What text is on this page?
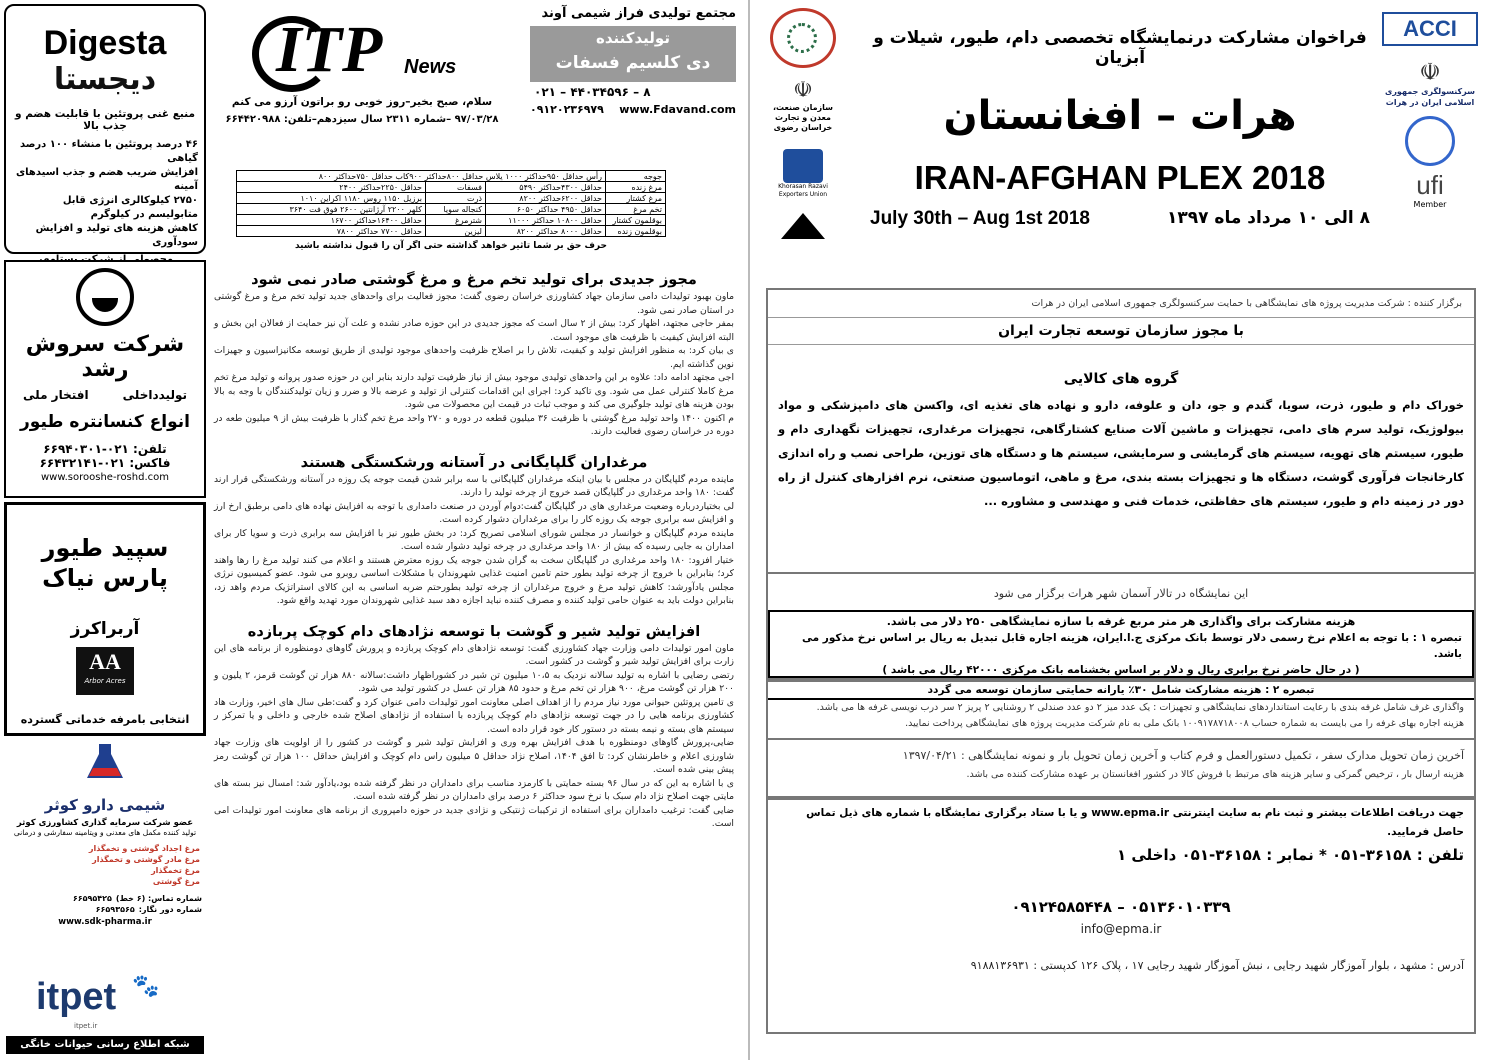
Digesta
دیجستا
منبع غنی پروتئین با قابلیت هضم و جذب بالا

۴۶ درصد پروتئین با منشاء ۱۰۰ درصد گیاهی

افزایش ضریب هضم و جذب اسیدهای آمینه

۲۷۵۰ کیلوکالری انرژی قابل متابولیسم در کیلوگرم

کاهش هزینه های تولید و افزایش سودآوری

شرکت سروش رشد
تولیدداخلی
افتخار ملی
انواع کنسانتره طیور
تلفن: ۰۲۱-۶۶۹۴۰۳۰۱
فاکس: ۰۲۱-۶۶۴۳۲۱۴۱
www.sorooshe-roshd.com
سپید طیور پارس نیاک
آربراکرز
AA
Arbor Acres
انتخابی بامرفه خدماتی گسترده
شیمی دارو کوثر
عضو شرکت سرمایه گذاری کشاورزی کوثر
تولید کننده مکمل های معدنی و ویتامینه سفارشی و درمانی

مرغ اجداد گوشتی و تخمگذار

مرغ مادر گوشتی و تخمگذار

مرغ تخمگذار

مرغ گوشتی

شماره تماس: (۶ خط)
۶۶۵۹۵۴۲۵
شماره دور نگار:
۶۶۵۹۳۵۶۵
www.sdk-pharma.ir
itpet
itpet.ir
🐾
شبکه اطلاع رسانی حیوانات خانگی
مجتمع تولیدی فراز شیمی آوند
تولیدکننده
دی کلسیم فسفات
۰۲۱ – ۴۴۰۳۴۵۹۶ – ۸
۰۹۱۲۰۲۳۶۹۷۹ www.Fdavand.com
ITP News
سلام، صبح بخیر–روز خوبی رو براتون آرزو می کنم
۹۷/۰۳/۲۸ –شماره ۲۳۱۱ سال سیزدهم–تلفن: ۶۶۴۴۲۰۹۸۸
جوجه	رأس حداقل ۹۵۰حداکثر ۱۰۰۰ یلاس حداقل ۸۰۰حداکثر ۹۰۰کاب حداقل ۷۵۰حداکثر ۸۰۰		
مرغ زنده	حداقل ۴۳۰۰حداکثر ۵۴۹۰	فسفات	حداقل ۲۲۵۰حداکثر ۲۴۰۰
مرغ کشتار	حداقل ۶۲۰۰حداکثر ۸۲۰۰	ذرت	برزیل ۱۱۵۰ روس ۱۱۸۰ اکراین ۱۰۱۰
تخم مرغ	حداقل ۴۹۵۰ حداکثر ۶۰۵۰	کنجاله سویا	کلهر ۲۲۰۰ آرژانتین ۲۶۰۰ فوق فت ۳۶۴۰
بوقلمون کشتار	حداقل ۱۰۸۰۰ حداکثر ۱۱۰۰۰	شترمرغ	حداقل ۱۶۴۰۰حداکثر ۱۶۷۰۰
بوقلمون زنده	حداقل ۸۰۰۰ حداکثر ۸۲۰۰	لیزین	حداقل ۷۷۰۰ حداکثر ۷۸۰۰
حرف حق بر شما تاثیر خواهد گذاشته حتی اگر آن را قبول نداشته باشید
مجوز جدیدی برای تولید تخم مرغ و مرغ گوشتی صادر نمی شود

ماون بهبود تولیدات دامی سازمان جهاد کشاورزی خراسان رضوی گفت: مجوز فعالیت برای واحدهای جدید تولید تخم مرغ و مرغ گوشتی در استان صادر نمی شود.

بمفر حاجی مجتهد، اظهار کرد: بیش از ۲ سال است که مجوز جدیدی در این حوزه صادر نشده و علت آن نیز حمایت از فعالان این بخش و البته افزایش کیفیت با ظرفیت های موجود است.

ی بیان کرد: به منظور افزایش تولید و کیفیت، تلاش را بر اصلاح ظرفیت واحدهای موجود تولیدی از طریق توسعه مکانیزاسیون و جهیزات نوین گذاشته ایم.

اجی مجتهد ادامه داد: علاوه بر این واحدهای تولیدی موجود بیش از نیاز ظرفیت تولید دارند بنابر این در حوزه صدور پروانه و تولید مرغ تخم مرغ کاملا کنترلی عمل می شود. وی تاکید کرد: اجرای این اقدامات کنترلی از تولید و عرضه بالا و ضرر و زیان تولیدکنندگان با وجه به بالا بودن هزینه های تولید جلوگیری می کند و موجب ثبات در قیمت این محصولات می شود.

م اکنون ۱۴۰۰ واحد تولید مرغ گوشتی با ظرفیت ۳۶ میلیون قطعه در دوره و ۲۷۰ واحد مرغ تخم گذار با ظرفیت بیش از ۹ میلیون طعه در دوره در خراسان رضوی فعالیت دارند.

مرغداران گلپایگانی در آستانه ورشکستگی هستند

ماینده مردم گلپایگان در مجلس با بیان اینکه مرغداران گلپایگانی با سه برابر شدن قیمت جوجه یک روزه در آستانه ورشکستگی قرار ارند گفت: ۱۸۰ واحد مرغداری در گلپایگان قصد خروج از چرخه تولید را دارند.

لی بختیاردرباره وضعیت مرغداری های در گلپایگان گفت:دوام آوردن در صنعت دامداری با توجه به افزایش نهاده های دامی برطبق ارخ ارز و افزایش سه برابری جوجه یک روزه کار را برای مرغداران دشوار کرده است.

ماینده مردم گلپایگان و خوانسار در مجلس شورای اسلامی تصریح کرد: در بخش طیور نیز با افزایش سه برابری ذرت و سویا کار برای امداران به جایی رسیده که بیش از ۱۸۰ واحد مرغداری در چرخه تولید دشوار شده است.

ختیار افزود: ۱۸۰ واحد مرغداری در گلپایگان سخت به گران شدن جوجه یک روزه معترض هستند و اعلام می کنند تولید مرغ را رها واهند کرد؛ بنابراین با خروج از چرخه تولید بطور حتم تامین امنیت غذایی شهروندان با مشکلات اساسی روبرو می شود. عضو کمیسیون نرژی مجلس یادآورشد: کاهش تولید مرغ و خروج مرغداران از چرخه تولید بطورحتم ضربه اساسی به این کالای استراتژیک مردم واهد زد، بنابراین دولت باید به عنوان حامی تولید کننده و مصرف کننده نباید اجازه دهد سبد غذایی شهروندان مورد تهدید واقع شود.

افزایش تولید شیر و گوشت با توسعه نژادهای دام کوچک پربازده

ماون امور تولیدات دامی وزارت جهاد کشاورزی گفت: توسعه نژادهای دام کوچک پربازده و پرورش گاوهای دومنظوره از برنامه های این زارت برای افزایش تولید شیر و گوشت در کشور است.

رتضی رضایی با اشاره به تولید سالانه نزدیک به ۱۰،۵ میلیون تن شیر در کشوراظهار داشت:سالانه ۸۸۰ هزار تن گوشت قرمز، ۲ یلیون و ۲۰۰ هزار تن گوشت مرغ، ۹۰۰ هزار تن تخم مرغ و حدود ۸۵ هزار تن عسل در کشور تولید می شود.

ی تامین پروتئین حیوانی مورد نیاز مردم را از اهداف اصلی معاونت امور تولیدات دامی عنوان کرد و گفت:طی سال های اخیر، وزارت هاد کشاورزی برنامه هایی را در جهت توسعه نژادهای دام کوچک پربازده با استفاده از نژادهای اصلاح شده خارجی و داخلی و یا تمرکز ر سیستم های بسته و نیمه بسته در دستور کار خود قرار داده است.

ضایی،پرورش گاوهای دومنظوره با هدف افزایش بهره وری و افزایش تولید شیر و گوشت در کشور را از اولویت های وزارت جهاد شاورزی اعلام و خاطرنشان کرد: تا افق ۱۴۰۴، اصلاح نژاد حداقل ۵ میلیون راس دام کوچک و افزایش حداقل ۱۰۰ هزار تن گوشت رمز پیش بینی شده است.

ی با اشاره به این که در سال ۹۶ بسته حمایتی با کارمزد مناسب برای دامداران در نظر گرفته شده بود،یادآور شد: امسال نیز بسته های مایتی جهت اصلاح نژاد دام سبک با نرخ سود حداکثر ۶ درصد برای دامداران در نظر گرفته شده است.

ضایی گفت: ترغیب دامداران برای استفاده از ترکیبات ژنتیکی و نژادی جدید در حوزه دامپروری از برنامه های معاونت امور تولیدات امی است.

☫
سازمان صنعت، معدن و تجارت خراسان رضوی
Khorasan Razavi Exporters Union
ACCI
☫
سرکنسولگری جمهوری اسلامی ایران در هرات
ufi
Member
فراخوان مشارکت درنمایشگاه تخصصی دام، طیور، شیلات و آبزیان
هرات – افغانستان
IRAN-AFGHAN PLEX 2018
July 30th – Aug 1st 2018	۸ الی ۱۰ مرداد ماه ۱۳۹۷
برگزار کننده : شرکت مدیریت پروژه های نمایشگاهی با حمایت سرکنسولگری جمهوری اسلامی ایران در هرات
با مجوز سازمان توسعه تجارت ایران
گروه های کالایی
خوراک دام و طیور، ذرت، سویا، گندم و جو، دان و علوفه، دارو و نهاده های تغذیه ای، واکسن های دامپزشکی و مواد بیولوژیک، تولید سرم های دامی، تجهیزات و ماشین آلات صنایع کشتارگاهی، تجهیزات مرغداری، تجهیزات نگهداری دام و طیور، سیستم های تهویه، سیستم های گرمایشی و سرمایشی، سیستم ها و دستگاه های توزین، طراحی نصب و راه اندازی کارخانجات فرآوری گوشت، دستگاه ها و تجهیزات بسته بندی، مرغ و ماهی، اتوماسیون صنعتی، نرم افزارهای کنترل از راه دور در زمینه دام و طیور، سیستم های حفاظتی، خدمات فنی و مهندسی و مشاوره ...
این نمایشگاه در تالار آسمان شهر هرات برگزار می شود
هزینه مشارکت برای واگذاری هر متر مربع غرفه با سازه نمایشگاهی ۲۵۰ دلار می باشد.
تبصره ۱ : با توجه به اعلام نرخ رسمی دلار توسط بانک مرکزی ج.ا.ایران، هزینه اجاره قابل تبدیل به ریال بر اساس نرخ مذکور می باشد.
( در حال حاضر نرخ برابری ریال و دلار بر اساس بخشنامه بانک مرکزی ۴۲۰۰۰ ریال می باشد )
تبصره ۲ : هزینه مشارکت شامل ۳۰٪ یارانه حمایتی سازمان توسعه می گردد
واگذاری غرف شامل غرفه بندی با رعایت استانداردهای نمایشگاهی و تجهیزات : یک عدد میز ۲ دو عدد صندلی ۲ روشنایی ۲ پریز ۲ سر درب نویسی غرفه ها می باشد.
هزینه اجاره بهای غرفه را می بایست به شماره حساب ۱۰۰۹۱۷۸۷۱۸۰۰۸ بانک ملی به نام شرکت مدیریت پروژه های نمایشگاهی پرداخت نمایید.
آخرین زمان تحویل مدارک سفر ، تکمیل دستورالعمل و فرم کتاب و آخرین زمان تحویل بار و نمونه نمایشگاهی : ۱۳۹۷/۰۴/۲۱
هزینه ارسال بار ، ترخیص گمرکی و سایر هزینه های مرتبط با فروش کالا در کشور افغانستان بر عهده مشارکت کننده می باشد.
جهت دریافت اطلاعات بیشتر و ثبت نام به سایت اینترنتی www.epma.ir و یا با ستاد برگزاری نمایشگاه با شماره های ذیل تماس حاصل فرمایید.
تلفن : ۳۶۱۵۸-۰۵۱ * نمابر : ۳۶۱۵۸-۰۵۱ داخلی ۱
۰۹۱۲۴۵۸۵۴۴۸ – ۰۵۱۳۶۰۱۰۳۳۹
info@epma.ir
آدرس : مشهد ، بلوار آموزگار شهید رجایی ، نبش آموزگار شهید رجایی ۱۷ ، پلاک ۱۲۶ کدپستی : ۹۱۸۸۱۳۶۹۳۱
